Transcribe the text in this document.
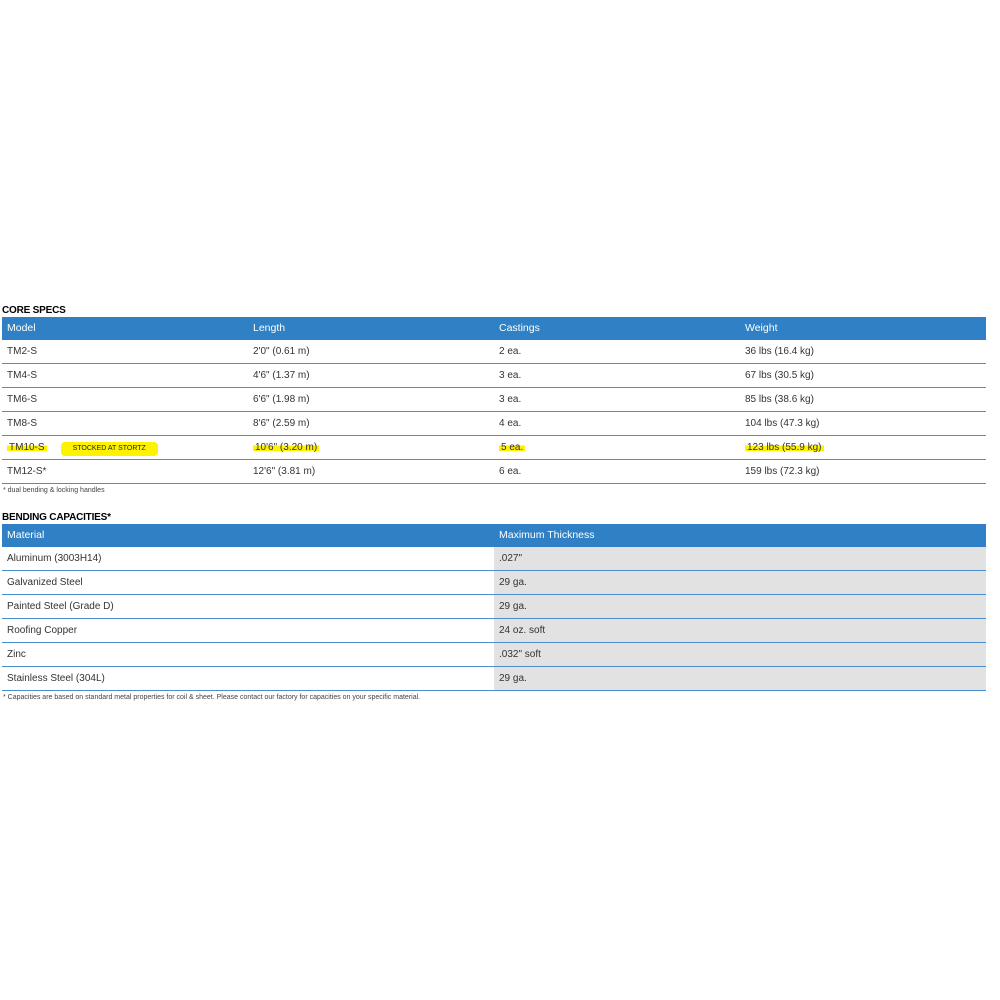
CORE SPECS
Model	Length	Castings	Weight
TM2-S	2'0" (0.61 m)	2 ea.	36 lbs (16.4 kg)
TM4-S	4'6" (1.37 m)	3 ea.	67 lbs (30.5 kg)
TM6-S	6'6" (1.98 m)	3 ea.	85 lbs (38.6 kg)
TM8-S	8'6" (2.59 m)	4 ea.	104 lbs (47.3 kg)
TM10-S STOCKED AT STORTZ	10'6" (3.20 m)	5 ea.	123 lbs (55.9 kg)
TM12-S*	12'6" (3.81 m)	6 ea.	159 lbs (72.3 kg)
* dual bending & locking handles
BENDING CAPACITIES*
Material	Maximum Thickness
Aluminum (3003H14)	.027"
Galvanized Steel	29 ga.
Painted Steel (Grade D)	29 ga.
Roofing Copper	24 oz. soft
Zinc	.032" soft
Stainless Steel (304L)	29 ga.
* Capacities are based on standard metal properties for coil & sheet. Please contact our factory for capacities on your specific material.
